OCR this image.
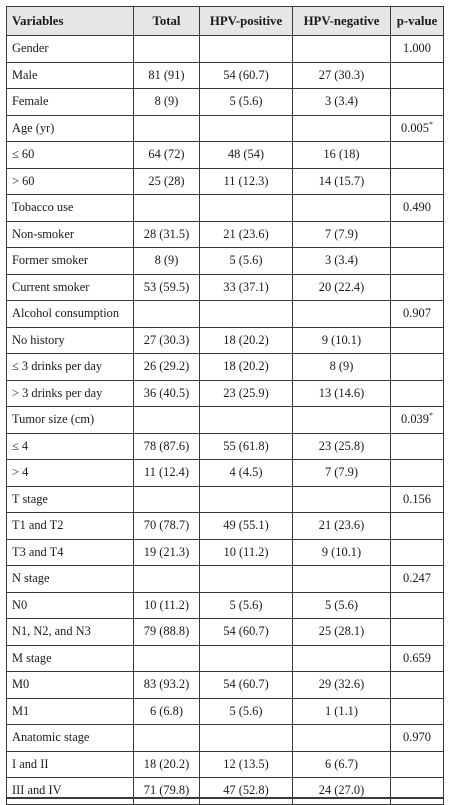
Variables	Total	HPV-positive	HPV-negative	p-value
Gender				1.000
Male	81 (91)	54 (60.7)	27 (30.3)	
Female	8 (9)	5 (5.6)	3 (3.4)	
Age (yr)				0.005*
≤ 60	64 (72)	48 (54)	16 (18)	
> 60	25 (28)	11 (12.3)	14 (15.7)	
Tobacco use				0.490
Non-smoker	28 (31.5)	21 (23.6)	7 (7.9)	
Former smoker	8 (9)	5 (5.6)	3 (3.4)	
Current smoker	53 (59.5)	33 (37.1)	20 (22.4)	
Alcohol consumption				0.907
No history	27 (30.3)	18 (20.2)	9 (10.1)	
≤ 3 drinks per day	26 (29.2)	18 (20.2)	8 (9)	
> 3 drinks per day	36 (40.5)	23 (25.9)	13 (14.6)	
Tumor size (cm)				0.039*
≤ 4	78 (87.6)	55 (61.8)	23 (25.8)	
> 4	11 (12.4)	4 (4.5)	7 (7.9)	
T stage				0.156
T1 and T2	70 (78.7)	49 (55.1)	21 (23.6)	
T3 and T4	19 (21.3)	10 (11.2)	9 (10.1)	
N stage				0.247
N0	10 (11.2)	5 (5.6)	5 (5.6)	
N1, N2, and N3	79 (88.8)	54 (60.7)	25 (28.1)	
M stage				0.659
M0	83 (93.2)	54 (60.7)	29 (32.6)	
M1	6 (6.8)	5 (5.6)	1 (1.1)	
Anatomic stage				0.970
I and II	18 (20.2)	12 (13.5)	6 (6.7)	
III and IV	71 (79.8)	47 (52.8)	24 (27.0)	
